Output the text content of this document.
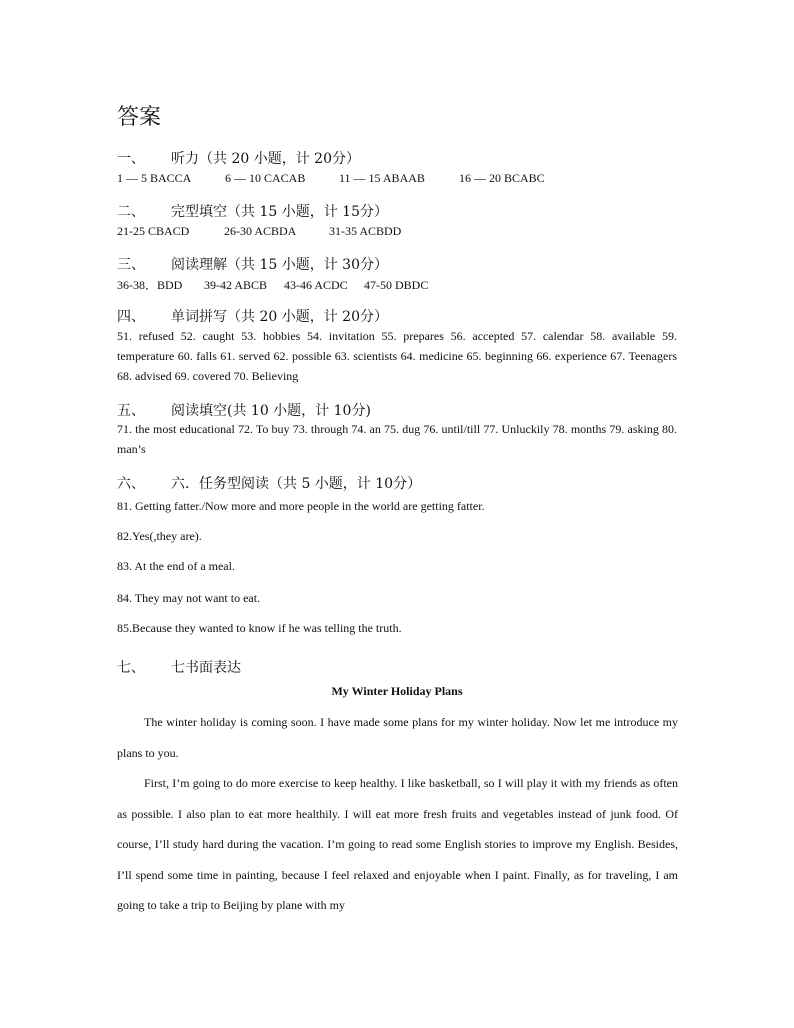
答案
一、 听力（共 20 小题，计 20分）
1 — 5 BACCA	6 — 10 CACAB	11 — 15 ABAAB	16 — 20 BCABC
二、 完型填空（共 15 小题，计 15分）
21-25 CBACD	26-30 ACBDA	31-35 ACBDD
三、 阅读理解（共 15 小题，计 30分）
36-38．BDD 39-42 ABCB 43-46 ACDC 47-50 DBDC
四、 单词拼写（共 20 小题，计 20分）
51. refused 52. caught 53. hobbies 54. invitation 55. prepares 56. accepted 57. calendar 58. available 59. temperature 60. falls 61. served 62. possible 63. scientists 64. medicine 65. beginning 66. experience 67. Teenagers 68. advised 69. covered 70. Believing
五、 阅读填空(共 10 小题，计 10分)
71. the most educational 72. To buy 73. through 74. an 75. dug 76. until/till 77. Unluckily 78. months 79. asking 80. man’s
六、 六．任务型阅读（共 5 小题，计 10分）
81. Getting fatter./Now more and more people in the world are getting fatter.
82.Yes(,they are).
83. At the end of a meal.
84. They may not want to eat.
85.Because they wanted to know if he was telling the truth.
七、 七书面表达
My Winter Holiday Plans

The winter holiday is coming soon. I have made some plans for my winter holiday. Now let me introduce my plans to you.

First, I’m going to do more exercise to keep healthy. I like basketball, so I will play it with my friends as often as possible. I also plan to eat more healthily. I will eat more fresh fruits and vegetables instead of junk food. Of course, I’ll study hard during the vacation. I’m going to read some English stories to improve my English. Besides, I’ll spend some time in painting, because I feel relaxed and enjoyable when I paint. Finally, as for traveling, I am going to take a trip to Beijing by plane with my
